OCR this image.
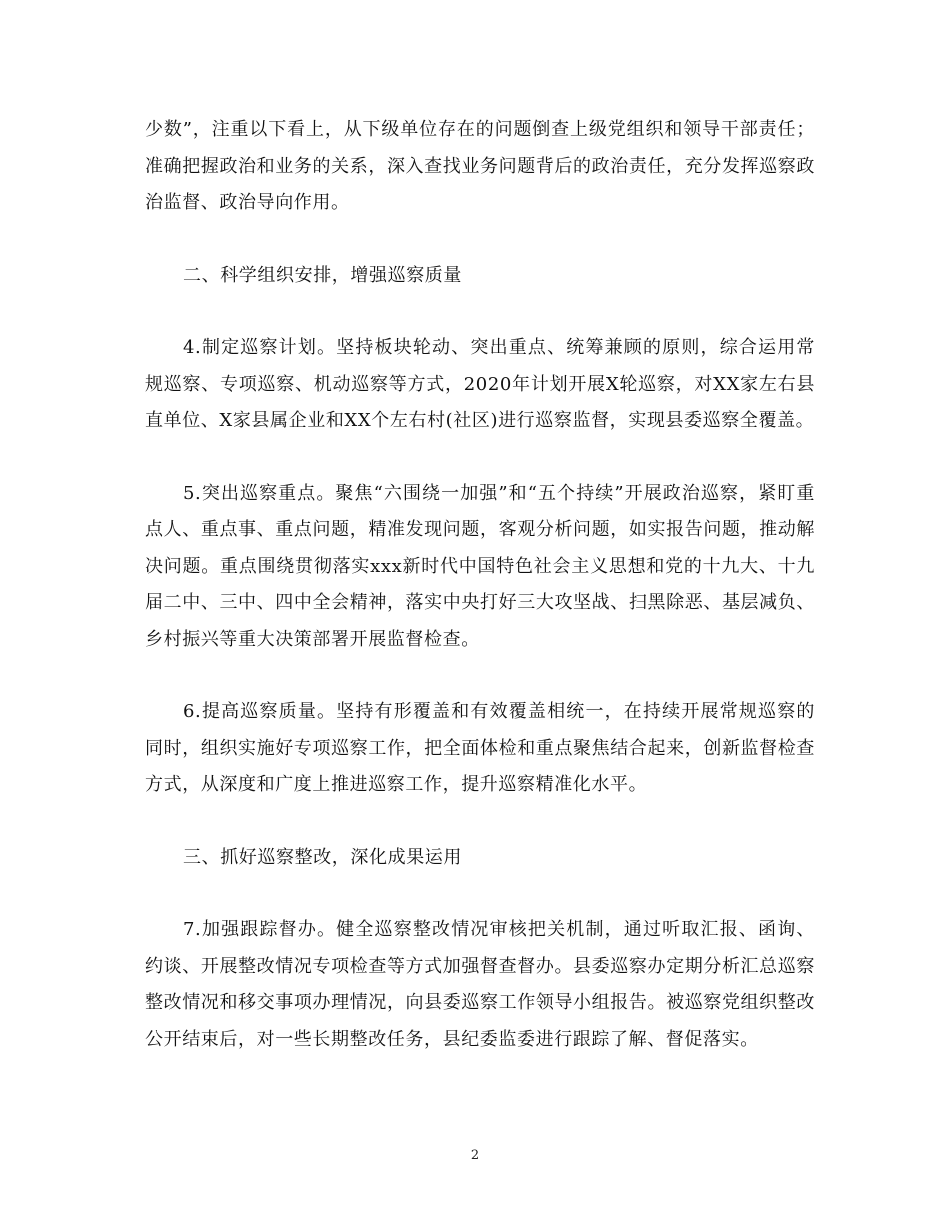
少数”，注重以下看上，从下级单位存在的问题倒查上级党组织和领导干部责任；准确把握政治和业务的关系，深入查找业务问题背后的政治责任，充分发挥巡察政治监督、政治导向作用。

二、科学组织安排，增强巡察质量

4.制定巡察计划。坚持板块轮动、突出重点、统筹兼顾的原则，综合运用常规巡察、专项巡察、机动巡察等方式，2020年计划开展X轮巡察，对XX家左右县直单位、X家县属企业和XX个左右村(社区)进行巡察监督，实现县委巡察全覆盖。

5.突出巡察重点。聚焦“六围绕一加强”和“五个持续”开展政治巡察，紧盯重点人、重点事、重点问题，精准发现问题，客观分析问题，如实报告问题，推动解决问题。重点围绕贯彻落实xxx新时代中国特色社会主义思想和党的十九大、十九届二中、三中、四中全会精神，落实中央打好三大攻坚战、扫黑除恶、基层减负、乡村振兴等重大决策部署开展监督检查。

6.提高巡察质量。坚持有形覆盖和有效覆盖相统一，在持续开展常规巡察的同时，组织实施好专项巡察工作，把全面体检和重点聚焦结合起来，创新监督检查方式，从深度和广度上推进巡察工作，提升巡察精准化水平。

三、抓好巡察整改，深化成果运用

7.加强跟踪督办。健全巡察整改情况审核把关机制，通过听取汇报、函询、约谈、开展整改情况专项检查等方式加强督查督办。县委巡察办定期分析汇总巡察整改情况和移交事项办理情况，向县委巡察工作领导小组报告。被巡察党组织整改公开结束后，对一些长期整改任务，县纪委监委进行跟踪了解、督促落实。

2
